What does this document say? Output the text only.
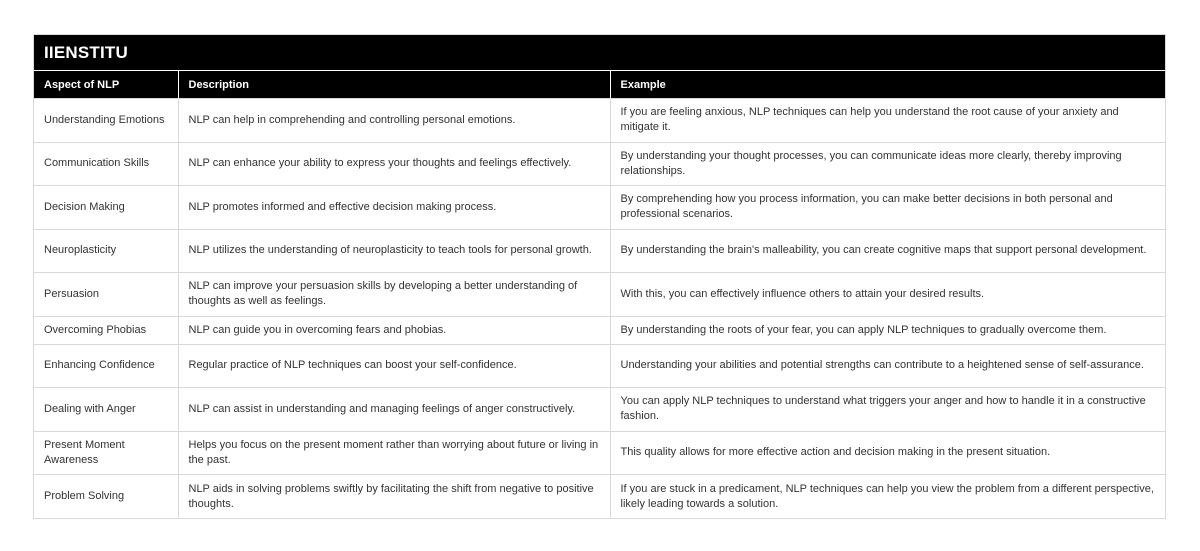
IIENSTITU
Aspect of NLP	Description	Example
Understanding Emotions	NLP can help in comprehending and controlling personal emotions.	If you are feeling anxious, NLP techniques can help you understand the root cause of your anxiety and mitigate it.
Communication Skills	NLP can enhance your ability to express your thoughts and feelings effectively.	By understanding your thought processes, you can communicate ideas more clearly, thereby improving relationships.
Decision Making	NLP promotes informed and effective decision making process.	By comprehending how you process information, you can make better decisions in both personal and professional scenarios.
Neuroplasticity	NLP utilizes the understanding of neuroplasticity to teach tools for personal growth.	By understanding the brain's malleability, you can create cognitive maps that support personal development.
Persuasion	NLP can improve your persuasion skills by developing a better understanding of thoughts as well as feelings.	With this, you can effectively influence others to attain your desired results.
Overcoming Phobias	NLP can guide you in overcoming fears and phobias.	By understanding the roots of your fear, you can apply NLP techniques to gradually overcome them.
Enhancing Confidence	Regular practice of NLP techniques can boost your self-confidence.	Understanding your abilities and potential strengths can contribute to a heightened sense of self-assurance.
Dealing with Anger	NLP can assist in understanding and managing feelings of anger constructively.	You can apply NLP techniques to understand what triggers your anger and how to handle it in a constructive fashion.
Present Moment Awareness	Helps you focus on the present moment rather than worrying about future or living in the past.	This quality allows for more effective action and decision making in the present situation.
Problem Solving	NLP aids in solving problems swiftly by facilitating the shift from negative to positive thoughts.	If you are stuck in a predicament, NLP techniques can help you view the problem from a different perspective, likely leading towards a solution.
